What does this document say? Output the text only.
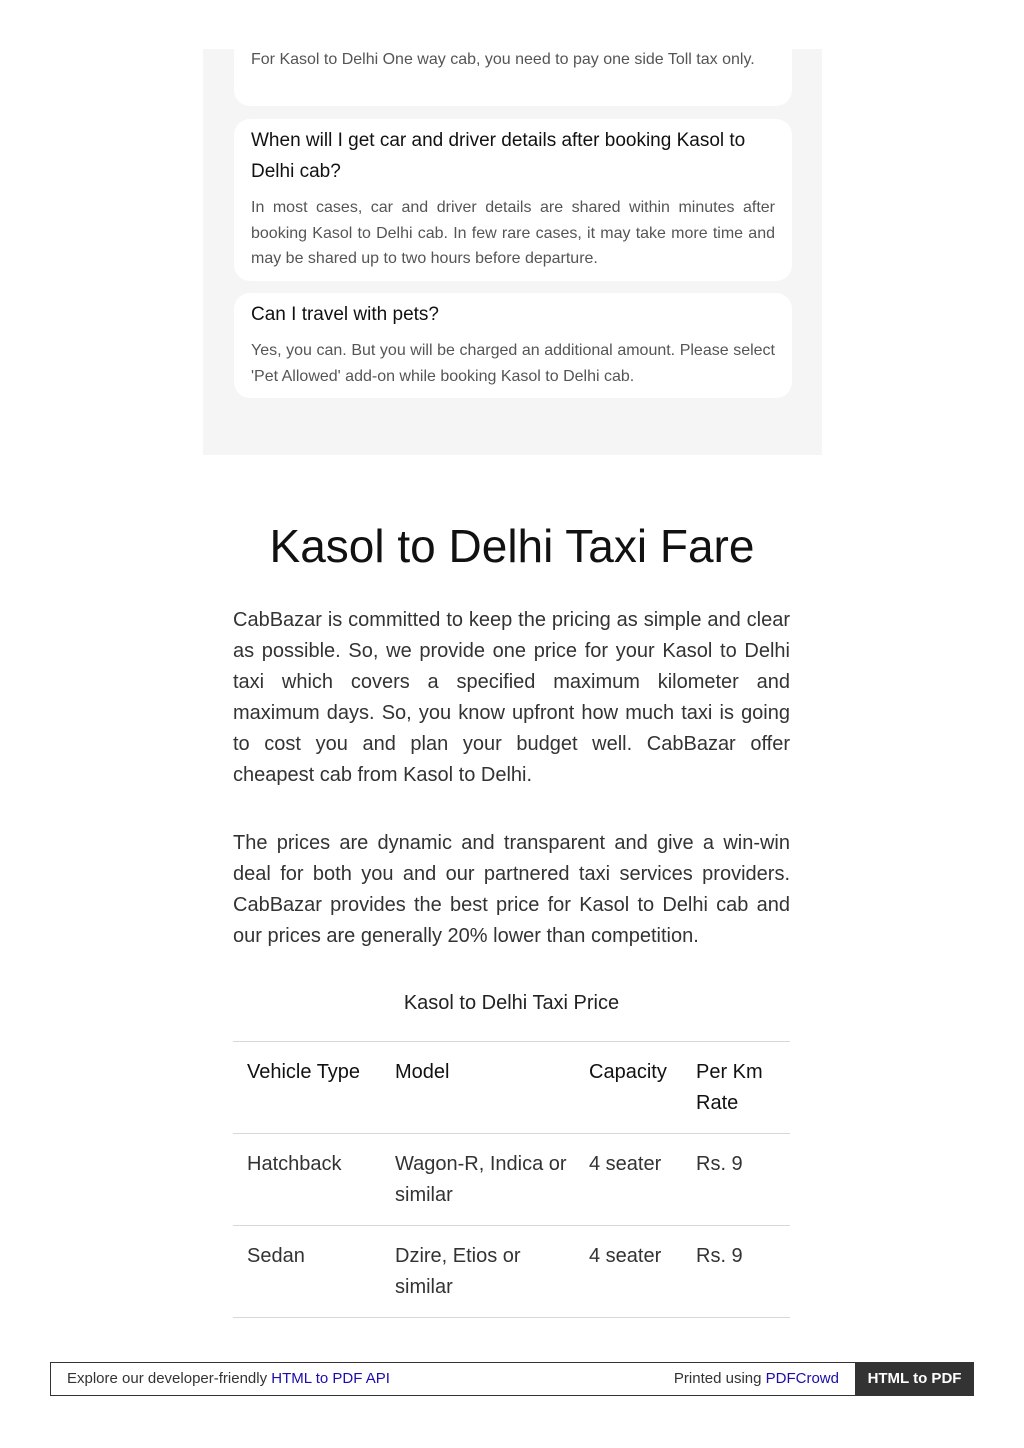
For Kasol to Delhi One way cab, you need to pay one side Toll tax only.

When will I get car and driver details after booking Kasol to Delhi cab?

In most cases, car and driver details are shared within minutes after booking Kasol to Delhi cab. In few rare cases, it may take more time and may be shared up to two hours before departure.

Can I travel with pets?

Yes, you can. But you will be charged an additional amount. Please select 'Pet Allowed' add-on while booking Kasol to Delhi cab.

Kasol to Delhi Taxi Fare

CabBazar is committed to keep the pricing as simple and clear as possible. So, we provide one price for your Kasol to Delhi taxi which covers a specified maximum kilometer and maximum days. So, you know upfront how much taxi is going to cost you and plan your budget well. CabBazar offer cheapest cab from Kasol to Delhi.

The prices are dynamic and transparent and give a win-win deal for both you and our partnered taxi services providers. CabBazar provides the best price for Kasol to Delhi cab and our prices are generally 20% lower than competition.

Kasol to Delhi Taxi Price

Vehicle Type	Model	Capacity	Per Km Rate
Hatchback	Wagon-R, Indica or similar	4 seater	Rs. 9
Sedan	Dzire, Etios or similar	4 seater	Rs. 9
Explore our developer-friendly HTML to PDF API	Printed using PDFCrowd	HTML to PDF
